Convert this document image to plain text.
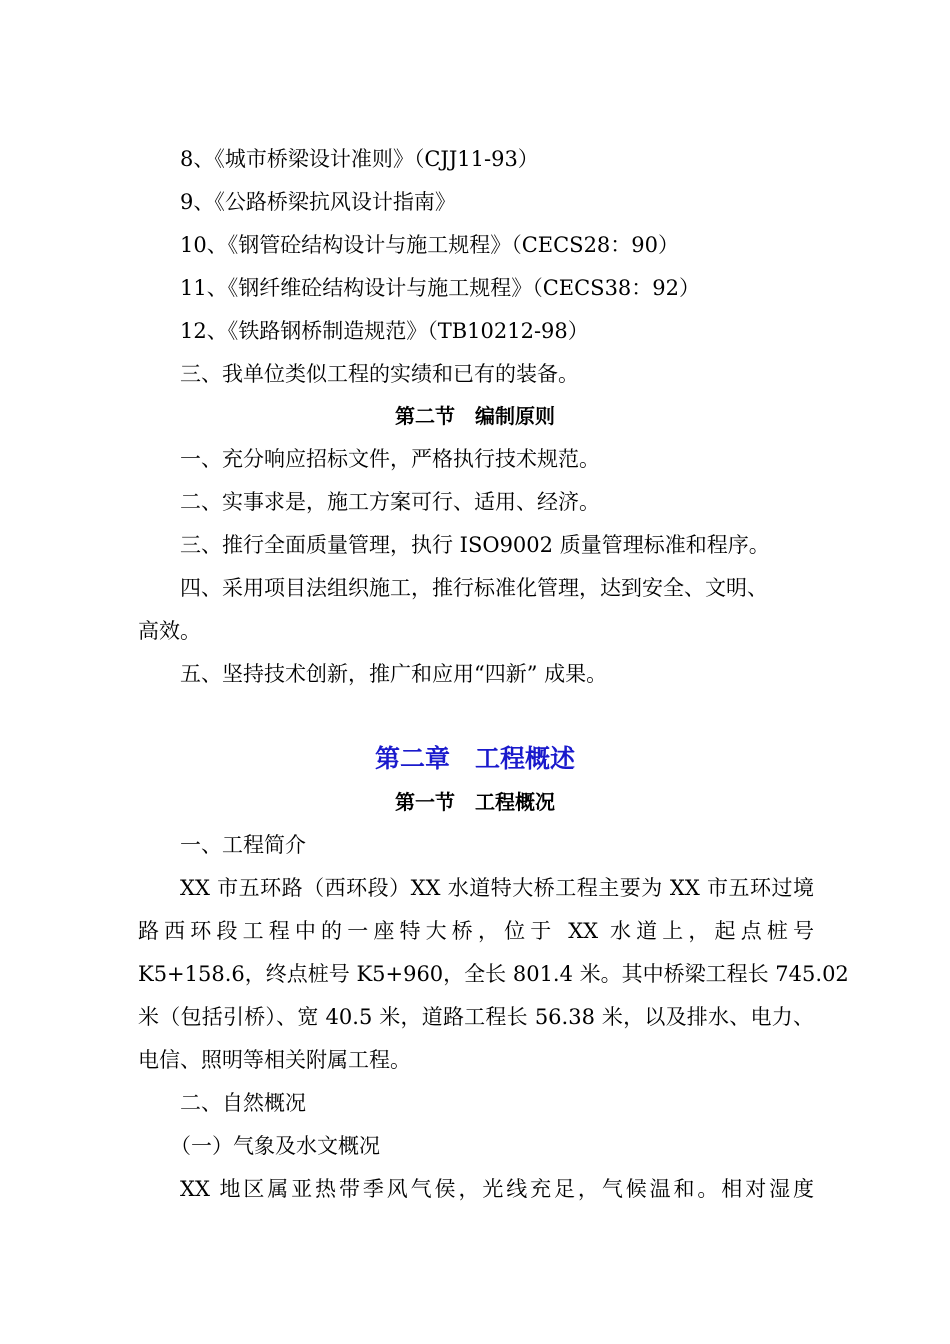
8、《城市桥梁设计准则》（CJJ11-93）
9、《公路桥梁抗风设计指南》
10、《钢管砼结构设计与施工规程》（CECS28：90）
11、《钢纤维砼结构设计与施工规程》（CECS38：92）
12、《铁路钢桥制造规范》（TB10212-98）
三、我单位类似工程的实绩和已有的装备。
第二节　编制原则
一、充分响应招标文件，严格执行技术规范。
二、实事求是，施工方案可行、适用、经济。
三、推行全面质量管理，执行 ISO9002 质量管理标准和程序。
四、采用项目法组织施工，推行标准化管理，达到安全、文明、
高效。
五、坚持技术创新，推广和应用“四新” 成果。
第二章　工程概述
第一节　工程概况
一、工程简介
XX 市五环路（西环段）XX 水道特大桥工程主要为 XX 市五环过境
路西环段工程中的一座特大桥，位于 XX 水道上，起点桩号
K5+158.6，终点桩号 K5+960，全长 801.4 米。其中桥梁工程长 745.02
米（包括引桥）、宽 40.5 米，道路工程长 56.38 米，以及排水、电力、
电信、照明等相关附属工程。
二、自然概况
（一）气象及水文概况
XX 地区属亚热带季风气侯，光线充足，气候温和。相对湿度
